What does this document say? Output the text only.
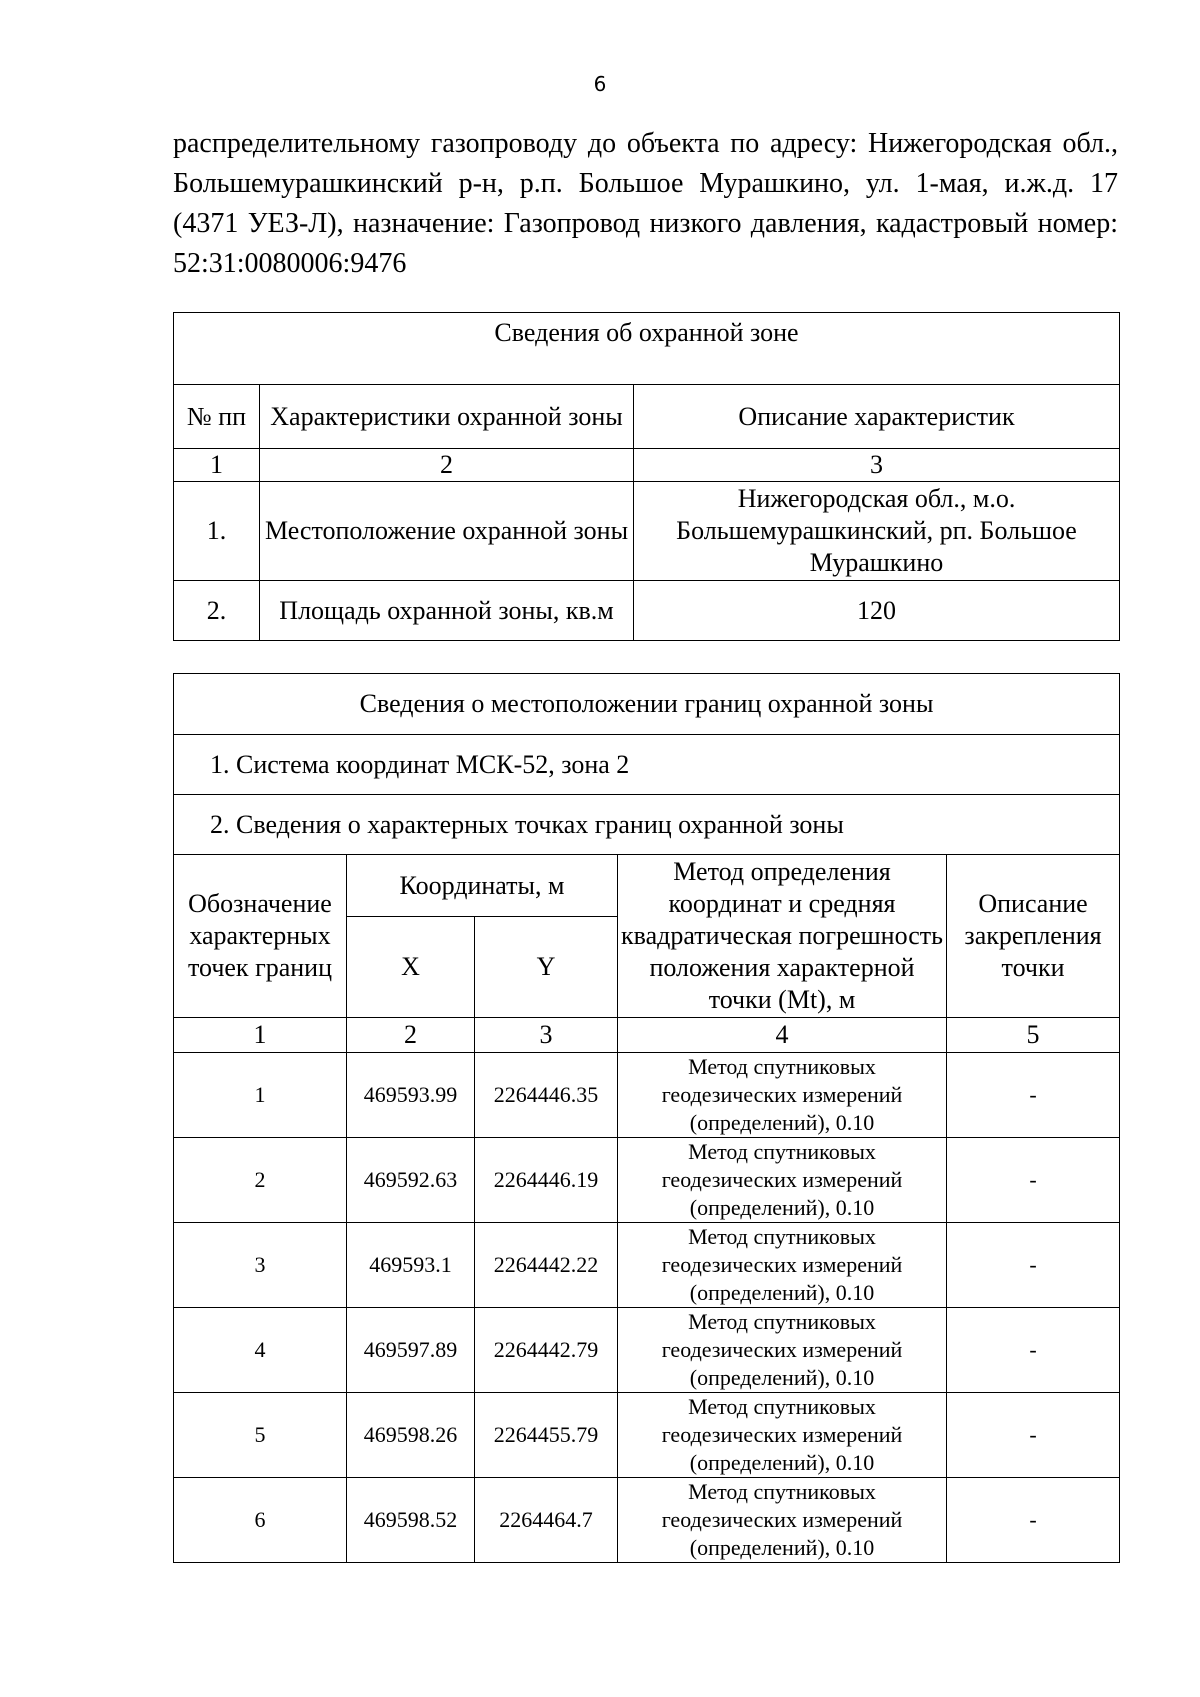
6

распределительному газопроводу до объекта по адресу: Нижегородская обл., Большемурашкинский р-н, р.п. Большое Мурашкино, ул. 1-мая, и.ж.д. 17 (4371 УЕЗ-Л), назначение: Газопровод низкого давления, кадастровый номер: 52:31:0080006:9476

Сведения об охранной зоне		
№ пп	Характеристики охранной зоны	Описание характеристик
1	2	3
1.	Местоположение охранной зоны	Нижегородская обл., м.о. Большемурашкинский, рп. Большое Мурашкино
2.	Площадь охранной зоны, кв.м	120
Сведения о местоположении границ охранной зоны				
1. Система координат МСК-52, зона 2				
2. Сведения о характерных точках границ охранной зоны				
Обозначение характерных точек границ	Координаты, м		Метод определения координат и средняя квадратическая погрешность положения характерной точки (Mt), м	Описание закрепления точки
	X	Y		
1	2	3	4	5
1	469593.99	2264446.35	Метод спутниковых геодезических измерений (определений), 0.10	-
2	469592.63	2264446.19	Метод спутниковых геодезических измерений (определений), 0.10	-
3	469593.1	2264442.22	Метод спутниковых геодезических измерений (определений), 0.10	-
4	469597.89	2264442.79	Метод спутниковых геодезических измерений (определений), 0.10	-
5	469598.26	2264455.79	Метод спутниковых геодезических измерений (определений), 0.10	-
6	469598.52	2264464.7	Метод спутниковых геодезических измерений (определений), 0.10	-
